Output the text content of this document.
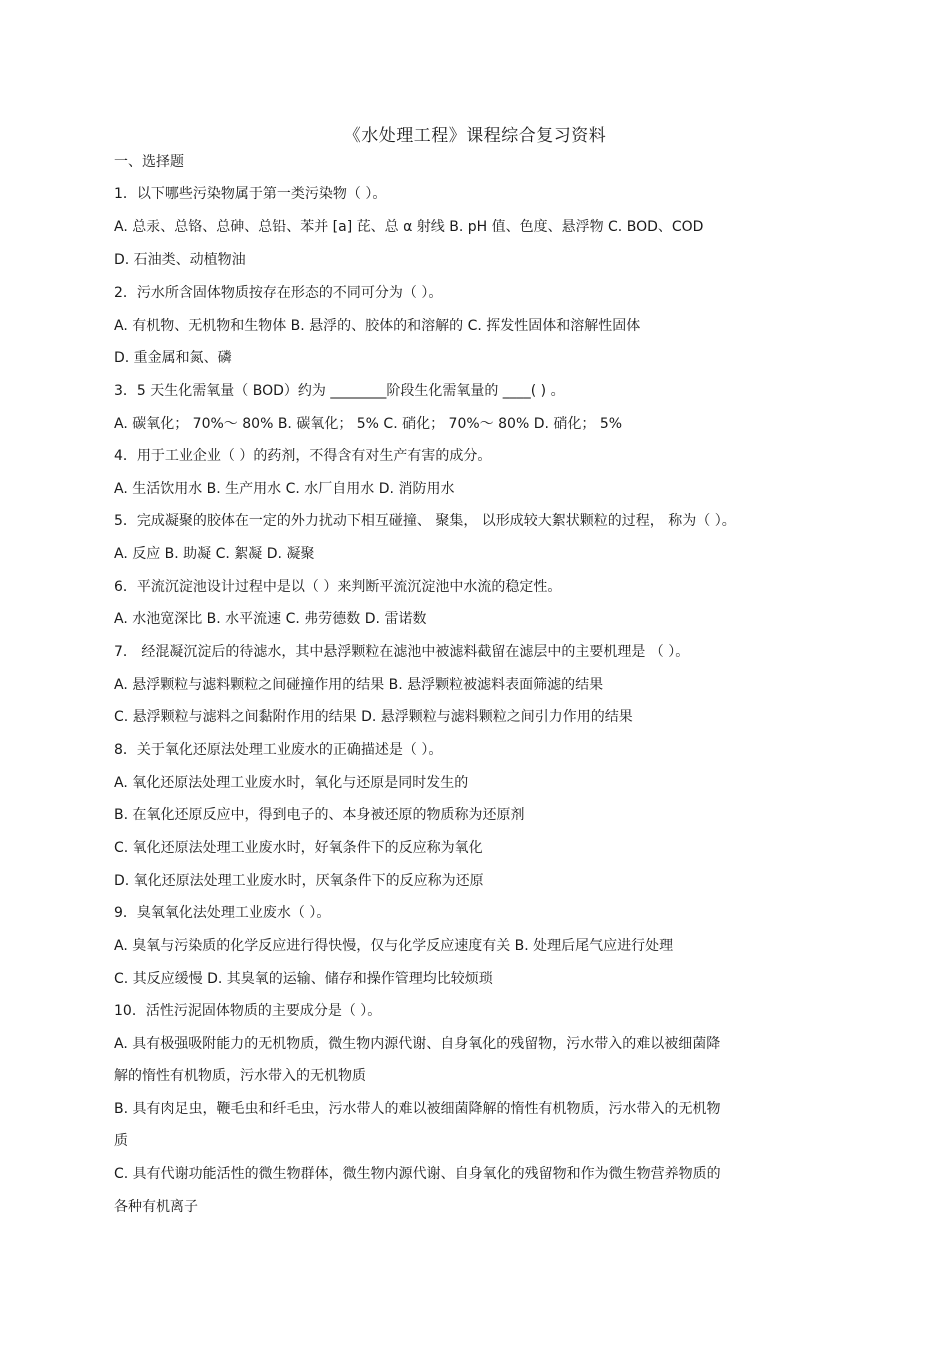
《水处理工程》课程综合复习资料
一、选择题
1．以下哪些污染物属于第一类污染物（ ）。
A. 总汞、总铬、总砷、总铅、苯并 [a] 芘、总 α 射线 B. pH 值、色度、悬浮物 C. BOD、COD
D. 石油类、动植物油
2．污水所含固体物质按存在形态的不同可分为（ ）。
A. 有机物、无机物和生物体 B. 悬浮的、胶体的和溶解的 C. 挥发性固体和溶解性固体
D. 重金属和氮、磷
3．5 天生化需氧量（ BOD）约为 ________阶段生化需氧量的 ____( ) 。
A. 碳氧化； 70%～ 80% B. 碳氧化； 5% C. 硝化； 70%～ 80% D. 硝化； 5%
4．用于工业企业（ ）的药剂，不得含有对生产有害的成分。
A. 生活饮用水 B. 生产用水 C. 水厂自用水 D. 消防用水
5．完成凝聚的胶体在一定的外力扰动下相互碰撞、 聚集， 以形成较大絮状颗粒的过程， 称为（ ）。
A. 反应 B. 助凝 C. 絮凝 D. 凝聚
6．平流沉淀池设计过程中是以（ ）来判断平流沉淀池中水流的稳定性。
A. 水池宽深比 B. 水平流速 C. 弗劳德数 D. 雷诺数
7． 经混凝沉淀后的待滤水，其中悬浮颗粒在滤池中被滤料截留在滤层中的主要机理是 （ ）。
A. 悬浮颗粒与滤料颗粒之间碰撞作用的结果 B. 悬浮颗粒被滤料表面筛滤的结果
C. 悬浮颗粒与滤料之间黏附作用的结果 D. 悬浮颗粒与滤料颗粒之间引力作用的结果
8．关于氧化还原法处理工业废水的正确描述是（ ）。
A. 氧化还原法处理工业废水时，氧化与还原是同时发生的
B. 在氧化还原反应中，得到电子的、本身被还原的物质称为还原剂
C. 氧化还原法处理工业废水时，好氧条件下的反应称为氧化
D. 氧化还原法处理工业废水时，厌氧条件下的反应称为还原
9．臭氧氧化法处理工业废水（ ）。
A. 臭氧与污染质的化学反应进行得快慢，仅与化学反应速度有关 B. 处理后尾气应进行处理
C. 其反应缓慢 D. 其臭氧的运输、储存和操作管理均比较烦琐
10．活性污泥固体物质的主要成分是（ ）。
A. 具有极强吸附能力的无机物质，微生物内源代谢、自身氧化的残留物，污水带入的难以被细菌降
解的惰性有机物质，污水带入的无机物质
B. 具有肉足虫，鞭毛虫和纤毛虫，污水带人的难以被细菌降解的惰性有机物质，污水带入的无机物
质
C. 具有代谢功能活性的微生物群体，微生物内源代谢、自身氧化的残留物和作为微生物营养物质的
各种有机离子
